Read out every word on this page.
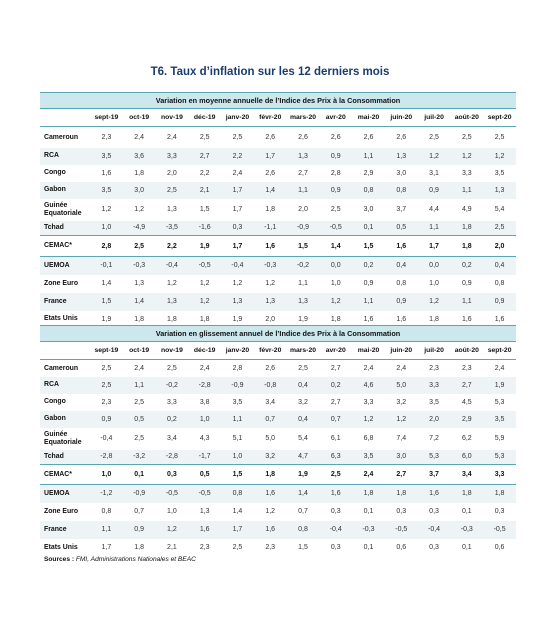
T6. Taux d’inflation sur les 12 derniers mois
Variation en moyenne annuelle de l’Indice des Prix à la Consommation
	sept-19	oct-19	nov-19	déc-19	janv-20	févr-20	mars-20	avr-20	mai-20	juin-20	juil-20	août-20	sept-20
Cameroun	2,3	2,4	2,4	2,5	2,5	2,6	2,6	2,6	2,6	2,6	2,5	2,5	2,5
RCA	3,5	3,6	3,3	2,7	2,2	1,7	1,3	0,9	1,1	1,3	1,2	1,2	1,2
Congo	1,6	1,8	2,0	2,2	2,4	2,6	2,7	2,8	2,9	3,0	3,1	3,3	3,5
Gabon	3,5	3,0	2,5	2,1	1,7	1,4	1,1	0,9	0,8	0,8	0,9	1,1	1,3
Guinée Equatoriale	1,2	1,2	1,3	1,5	1,7	1,8	2,0	2,5	3,0	3,7	4,4	4,9	5,4
Tchad	1,0	-4,9	-3,5	-1,6	0,3	-1,1	-0,9	-0,5	0,1	0,5	1,1	1,8	2,5
CEMAC*	2,8	2,5	2,2	1,9	1,7	1,6	1,5	1,4	1,5	1,6	1,7	1,8	2,0
UEMOA	-0,1	-0,3	-0,4	-0,5	-0,4	-0,3	-0,2	0,0	0,2	0,4	0,0	0,2	0,4
Zone Euro	1,4	1,3	1,2	1,2	1,2	1,2	1,1	1,0	0,9	0,8	1,0	0,9	0,8
France	1,5	1,4	1,3	1,2	1,3	1,3	1,3	1,2	1,1	0,9	1,2	1,1	0,9
Etats Unis	1,9	1,8	1,8	1,8	1,9	2,0	1,9	1,8	1,6	1,6	1,8	1,6	1,6
Variation en glissement annuel de l’Indice des Prix à la Consommation
	sept-19	oct-19	nov-19	déc-19	janv-20	févr-20	mars-20	avr-20	mai-20	juin-20	juil-20	août-20	sept-20
Cameroun	2,5	2,4	2,5	2,4	2,8	2,6	2,5	2,7	2,4	2,4	2,3	2,3	2,4
RCA	2,5	1,1	-0,2	-2,8	-0,9	-0,8	0,4	0,2	4,6	5,0	3,3	2,7	1,9
Congo	2,3	2,5	3,3	3,8	3,5	3,4	3,2	2,7	3,3	3,2	3,5	4,5	5,3
Gabon	0,9	0,5	0,2	1,0	1,1	0,7	0,4	0,7	1,2	1,2	2,0	2,9	3,5
Guinée Equatoriale	-0,4	2,5	3,4	4,3	5,1	5,0	5,4	6,1	6,8	7,4	7,2	6,2	5,9
Tchad	-2,8	-3,2	-2,8	-1,7	1,0	3,2	4,7	6,3	3,5	3,0	5,3	6,0	5,3
CEMAC*	1,0	0,1	0,3	0,5	1,5	1,8	1,9	2,5	2,4	2,7	3,7	3,4	3,3
UEMOA	-1,2	-0,9	-0,5	-0,5	0,8	1,6	1,4	1,6	1,8	1,8	1,6	1,8	1,8
Zone Euro	0,8	0,7	1,0	1,3	1,4	1,2	0,7	0,3	0,1	0,3	0,3	0,1	0,3
France	1,1	0,9	1,2	1,6	1,7	1,6	0,8	-0,4	-0,3	-0,5	-0,4	-0,3	-0,5
Etats Unis	1,7	1,8	2,1	2,3	2,5	2,3	1,5	0,3	0,1	0,6	0,3	0,1	0,6
Sources : FMI, Administrations Nationales et BEAC
